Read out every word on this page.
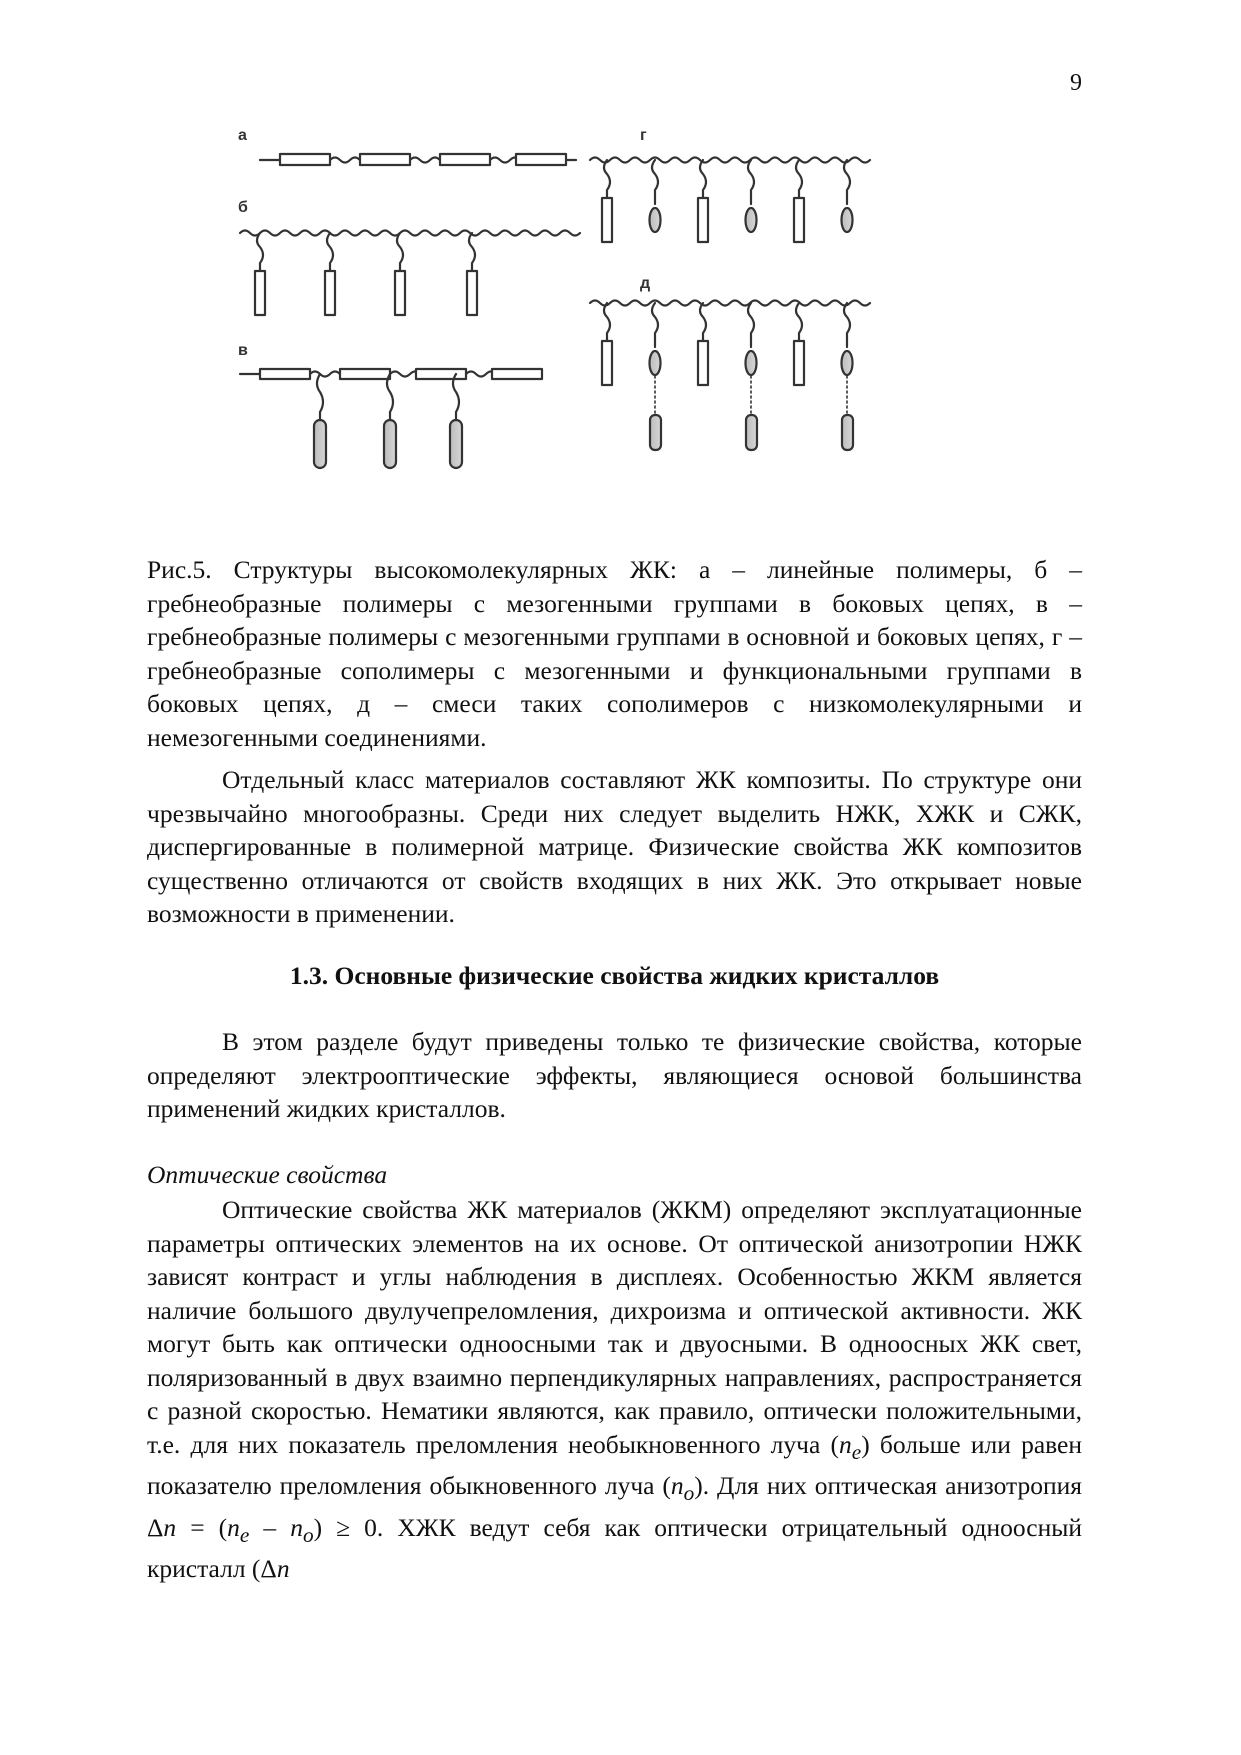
9
а
б
в
г
д

Рис.5. Структуры высокомолекулярных ЖК: а – линейные полимеры, б – гребнеобразные полимеры с мезогенными группами в боковых цепях, в – гребнеобразные полимеры с мезогенными группами в основной и боковых цепях, г – гребнеобразные сополимеры с мезогенными и функциональными группами в боковых цепях, д – смеси таких сополимеров с низкомолекулярными и немезогенными соединениями.

Отдельный класс материалов составляют ЖК композиты. По структуре они чрезвычайно многообразны. Среди них следует выделить НЖК, ХЖК и СЖК, диспергированные в полимерной матрице. Физические свойства ЖК композитов существенно отличаются от свойств входящих в них ЖК. Это открывает новые возможности в применении.

1.3. Основные физические свойства жидких кристаллов

В этом разделе будут приведены только те физические свойства, которые определяют электрооптические эффекты, являющиеся основой большинства применений жидких кристаллов.

Оптические свойства

Оптические свойства ЖК материалов (ЖКМ) определяют эксплуатационные параметры оптических элементов на их основе. От оптической анизотропии НЖК зависят контраст и углы наблюдения в дисплеях. Особенностью ЖКМ является наличие большого двулучепреломления, дихроизма и оптической активности. ЖК могут быть как оптически одноосными так и двуосными. В одноосных ЖК свет, поляризованный в двух взаимно перпендикулярных направлениях, распространяется с разной скоростью. Нематики являются, как правило, оптически положительными, т.е. для них показатель преломления необыкновенного луча $(n_e)$ больше или равен показателю преломления обыкновенного луча $(n_o)$. Для них оптическая анизотропия $\Delta n = (n_e - n_o) \ge 0$. ХЖК ведут себя как оптически отрицательный одноосный кристалл (Δn
